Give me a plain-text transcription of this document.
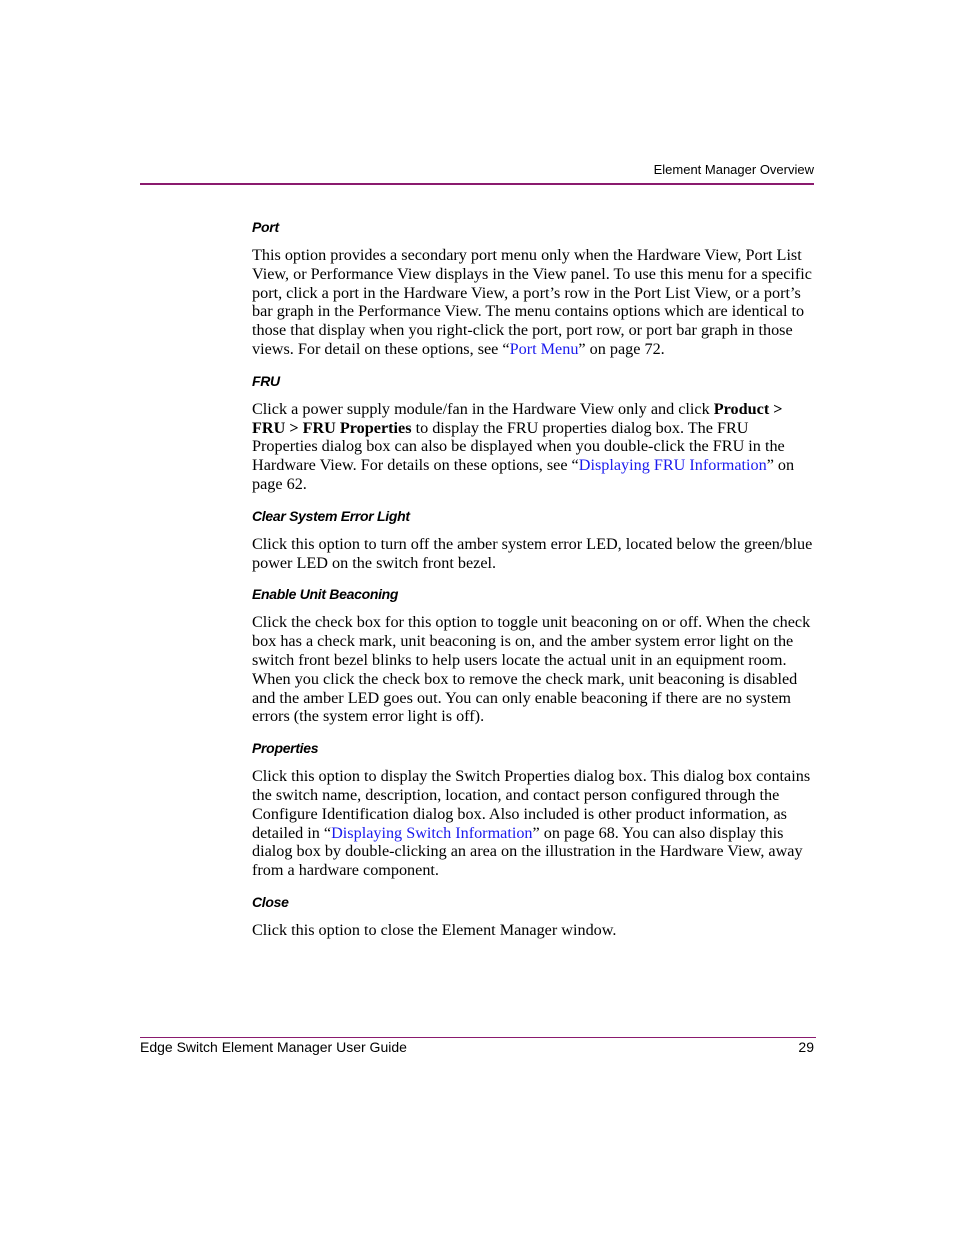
Element Manager Overview
Port

This option provides a secondary port menu only when the Hardware View, Port List View, or Performance View displays in the View panel. To use this menu for a specific port, click a port in the Hardware View, a port’s row in the Port List View, or a port’s bar graph in the Performance View. The menu contains options which are identical to those that display when you right-click the port, port row, or port bar graph in those views. For detail on these options, see “Port Menu” on page 72.

FRU

Click a power supply module/fan in the Hardware View only and click Product > FRU > FRU Properties to display the FRU properties dialog box. The FRU Properties dialog box can also be displayed when you double-click the FRU in the Hardware View. For details on these options, see “Displaying FRU Information” on page 62.

Clear System Error Light

Click this option to turn off the amber system error LED, located below the green/blue power LED on the switch front bezel.

Enable Unit Beaconing

Click the check box for this option to toggle unit beaconing on or off. When the check box has a check mark, unit beaconing is on, and the amber system error light on the switch front bezel blinks to help users locate the actual unit in an equipment room. When you click the check box to remove the check mark, unit beaconing is disabled and the amber LED goes out. You can only enable beaconing if there are no system errors (the system error light is off).

Properties

Click this option to display the Switch Properties dialog box. This dialog box contains the switch name, description, location, and contact person configured through the Configure Identification dialog box. Also included is other product information, as detailed in “Displaying Switch Information” on page 68. You can also display this dialog box by double-clicking an area on the illustration in the Hardware View, away from a hardware component.

Close

Click this option to close the Element Manager window.

Edge Switch Element Manager User Guide	29
